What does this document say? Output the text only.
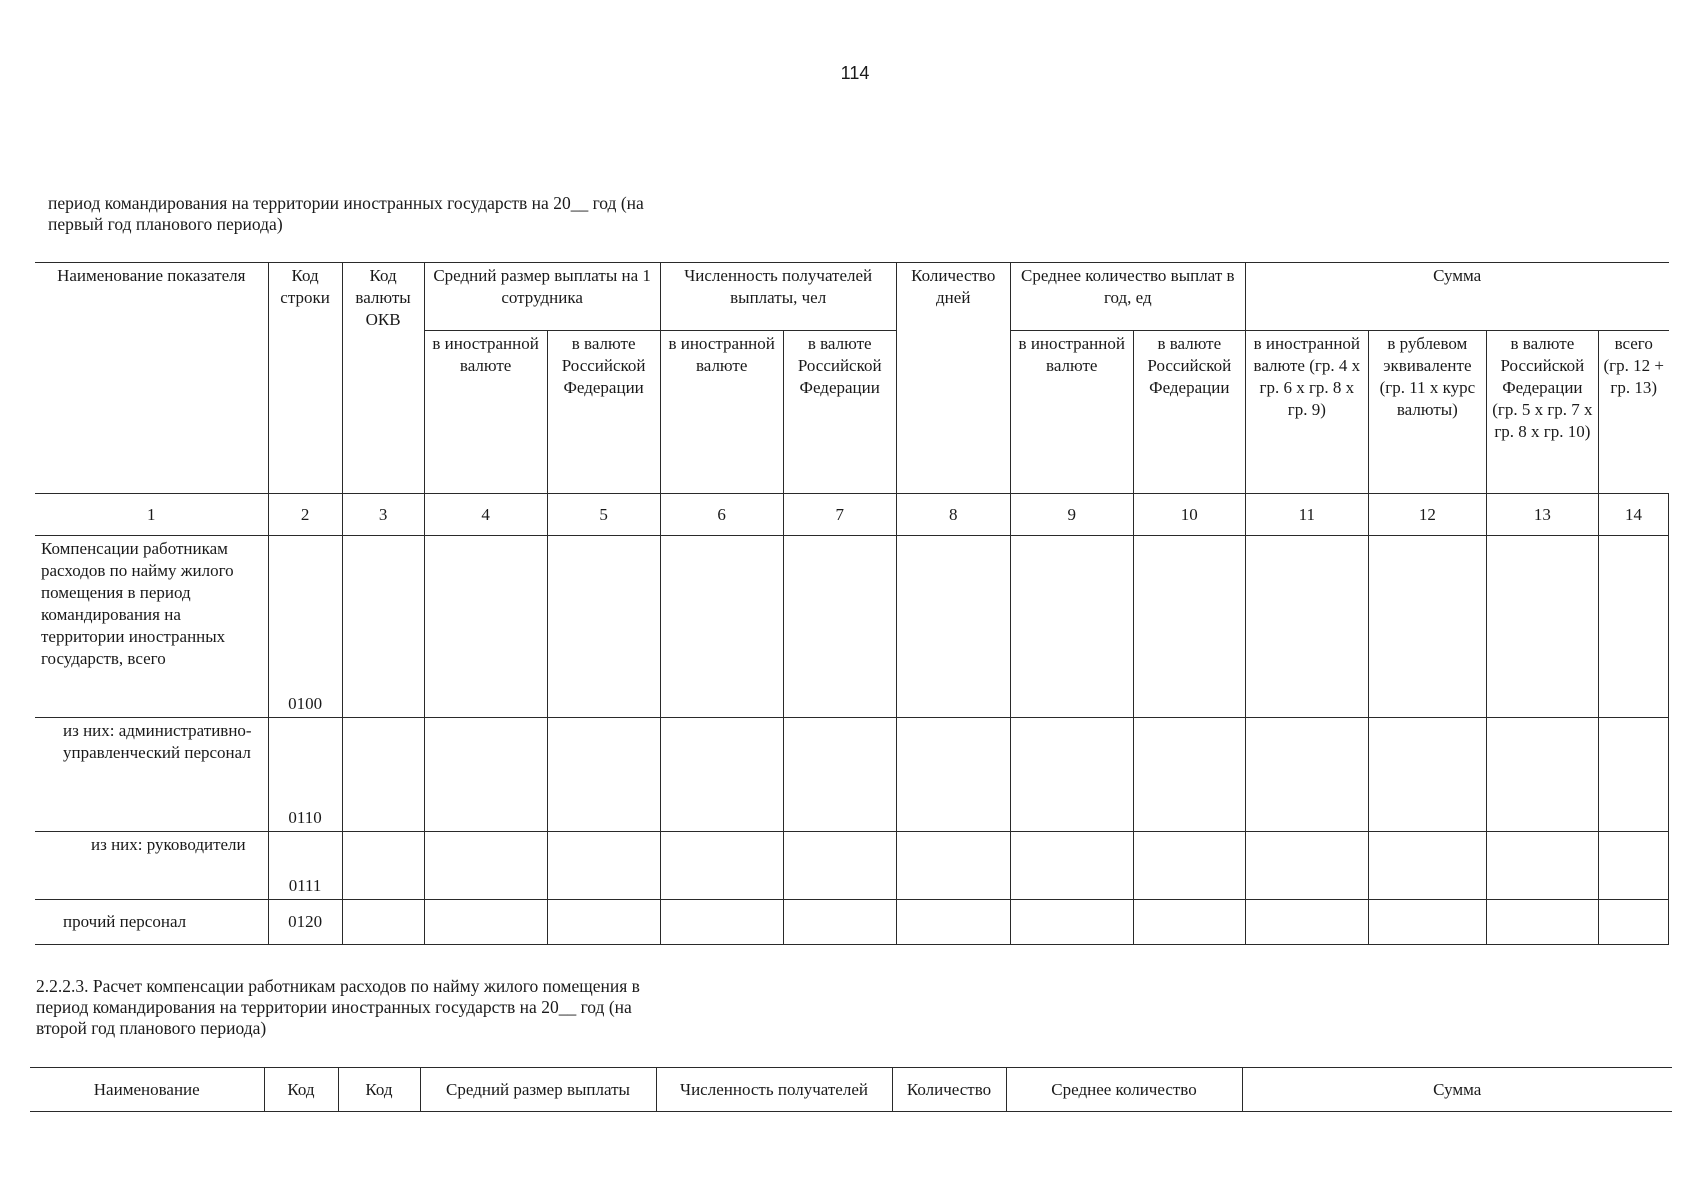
114
период командирования на территории иностранных государств на 20__ год (на
первый год планового периода)
Наименование показателя	Код строки	Код валюты ОКВ	Средний размер выплаты на 1 сотрудника		Численность получателей выплаты, чел		Количество дней	Среднее количество выплат в год, ед		Сумма			
			в иностранной валюте	в валюте Российской Федерации	в иностранной валюте	в валюте Российской Федерации		в иностранной валюте	в валюте Российской Федерации	в иностранной валюте (гр. 4 x гр. 6 x гр. 8 x гр. 9)	в рублевом эквиваленте (гр. 11 x курс валюты)	в валюте Российской Федерации (гр. 5 x гр. 7 x гр. 8 x гр. 10)	всего (гр. 12 + гр. 13)
1	2	3	4	5	6	7	8	9	10	11	12	13	14
Компенсации работникам расходов по найму жилого помещения в период командирования на территории иностранных государств, всего	0100												
из них: административно-управленческий персонал	0110												
из них: руководители	0111												
прочий персонал	0120												
2.2.2.3. Расчет компенсации работникам расходов по найму жилого помещения в
период командирования на территории иностранных государств на 20__ год (на
второй год планового периода)
Наименование	Код	Код	Средний размер выплаты	Численность получателей	Количество	Среднее количество	Сумма
